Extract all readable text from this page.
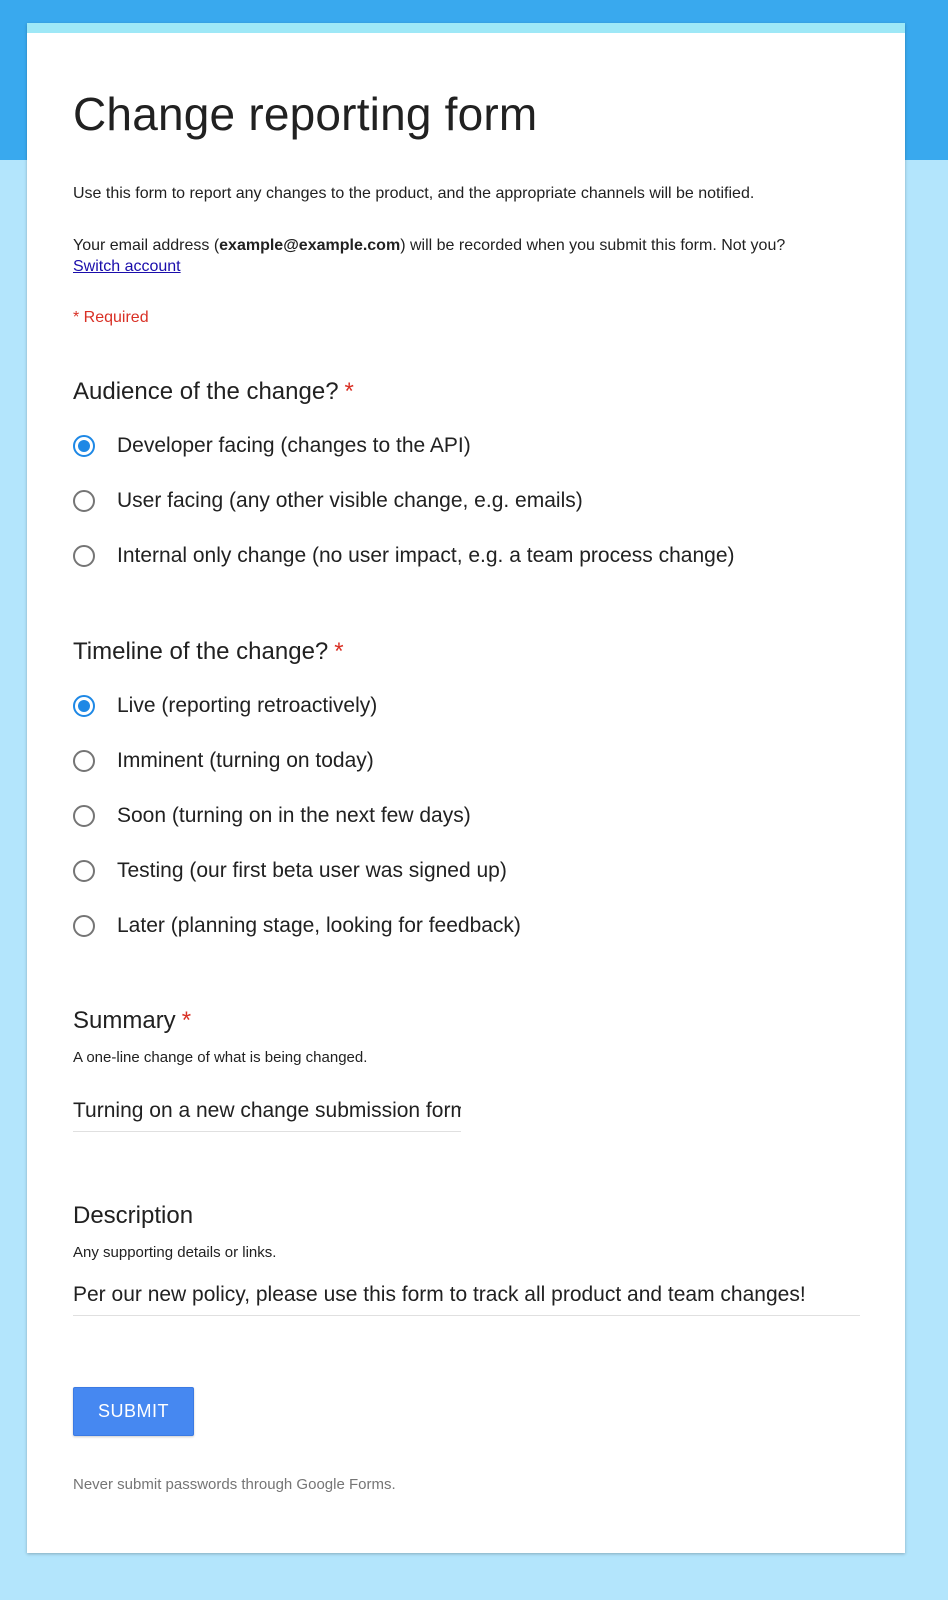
Change reporting form
Use this form to report any changes to the product, and the appropriate channels will be notified.
Your email address (example@example.com) will be recorded when you submit this form. Not you?
Switch account
* Required
Audience of the change? *
Developer facing (changes to the API)
User facing (any other visible change, e.g. emails)
Internal only change (no user impact, e.g. a team process change)
Timeline of the change? *
Live (reporting retroactively)
Imminent (turning on today)
Soon (turning on in the next few days)
Testing (our first beta user was signed up)
Later (planning stage, looking for feedback)
Summary *
A one-line change of what is being changed.
Turning on a new change submission form
Description
Any supporting details or links.
Per our new policy, please use this form to track all product and team changes!
SUBMIT
Never submit passwords through Google Forms.
